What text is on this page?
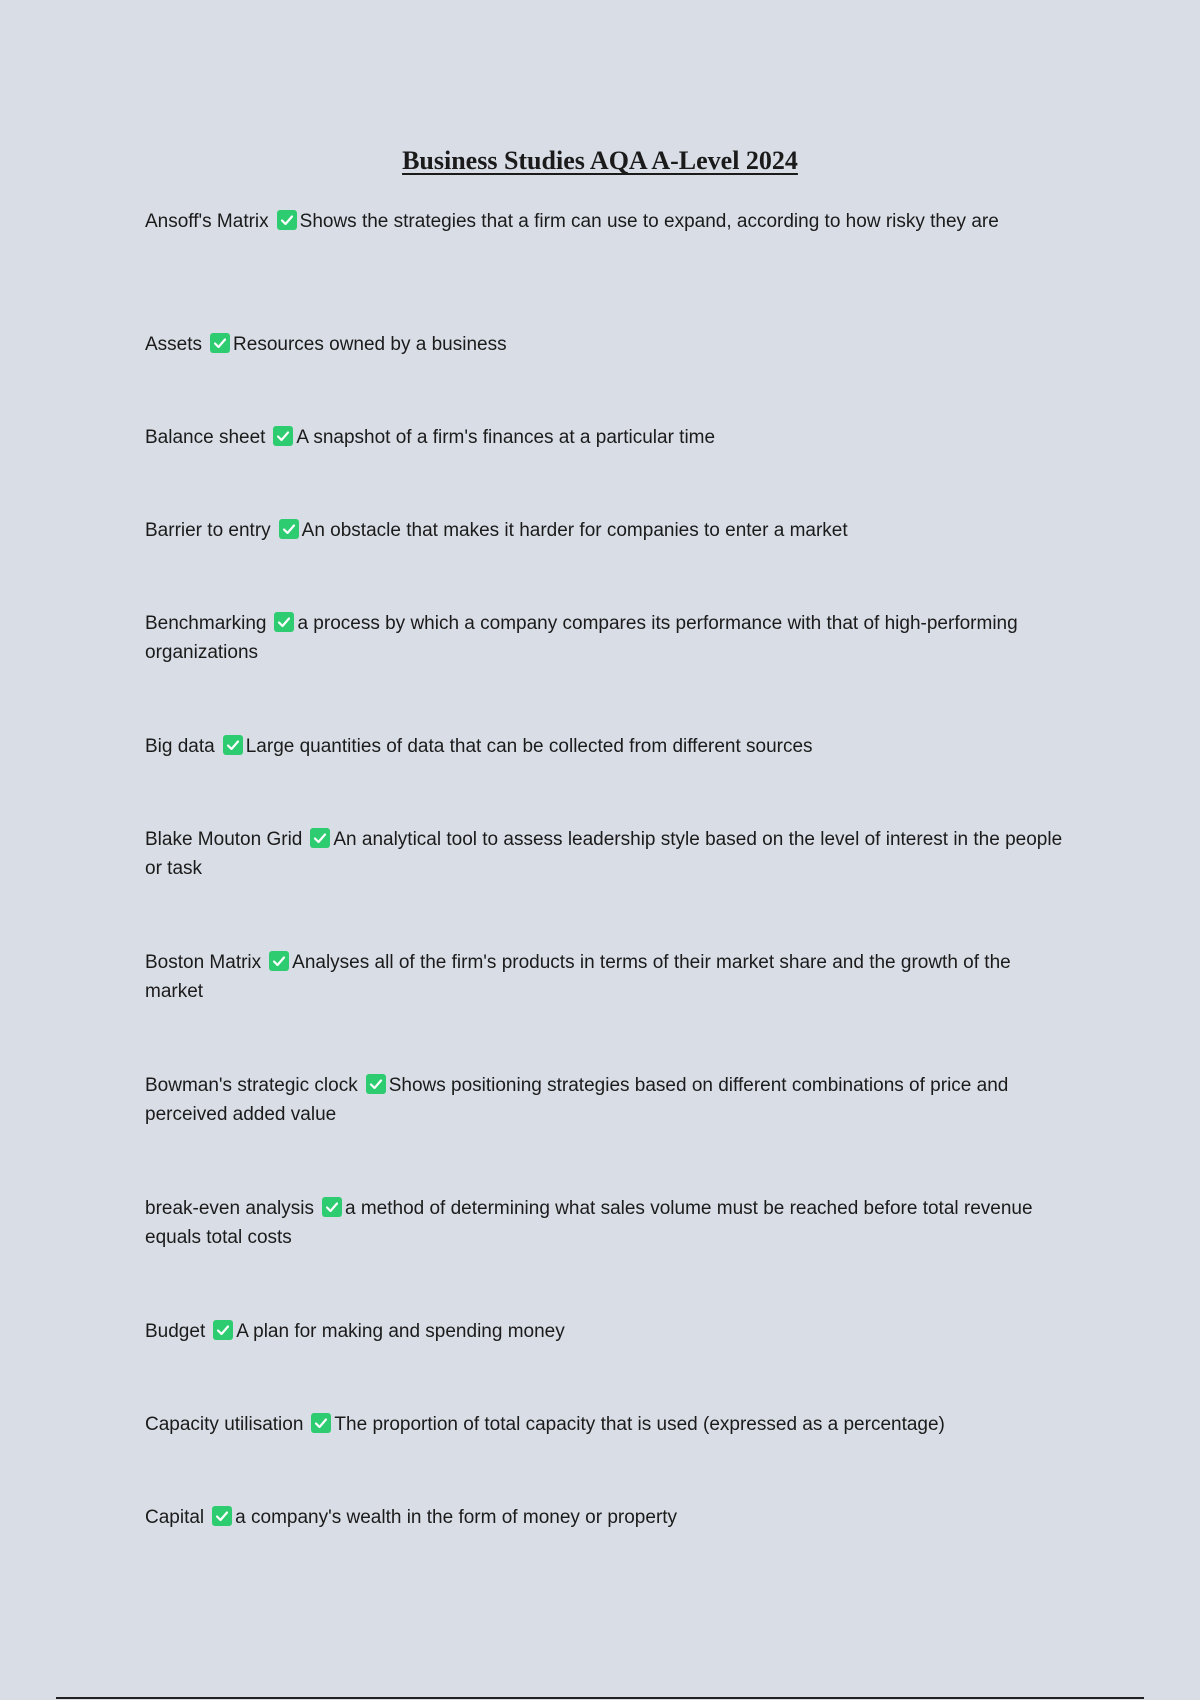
Business Studies AQA A-Level 2024
Ansoff's Matrix Shows the strategies that a firm can use to expand, according to how risky they are
Assets Resources owned by a business
Balance sheet A snapshot of a firm's finances at a particular time
Barrier to entry An obstacle that makes it harder for companies to enter a market
Benchmarking a process by which a company compares its performance with that of high-performing organizations
Big data Large quantities of data that can be collected from different sources
Blake Mouton Grid An analytical tool to assess leadership style based on the level of interest in the people or task
Boston Matrix Analyses all of the firm's products in terms of their market share and the growth of the market
Bowman's strategic clock Shows positioning strategies based on different combinations of price and perceived added value
break-even analysis a method of determining what sales volume must be reached before total revenue equals total costs
Budget A plan for making and spending money
Capacity utilisation The proportion of total capacity that is used (expressed as a percentage)
Capital a company's wealth in the form of money or property
